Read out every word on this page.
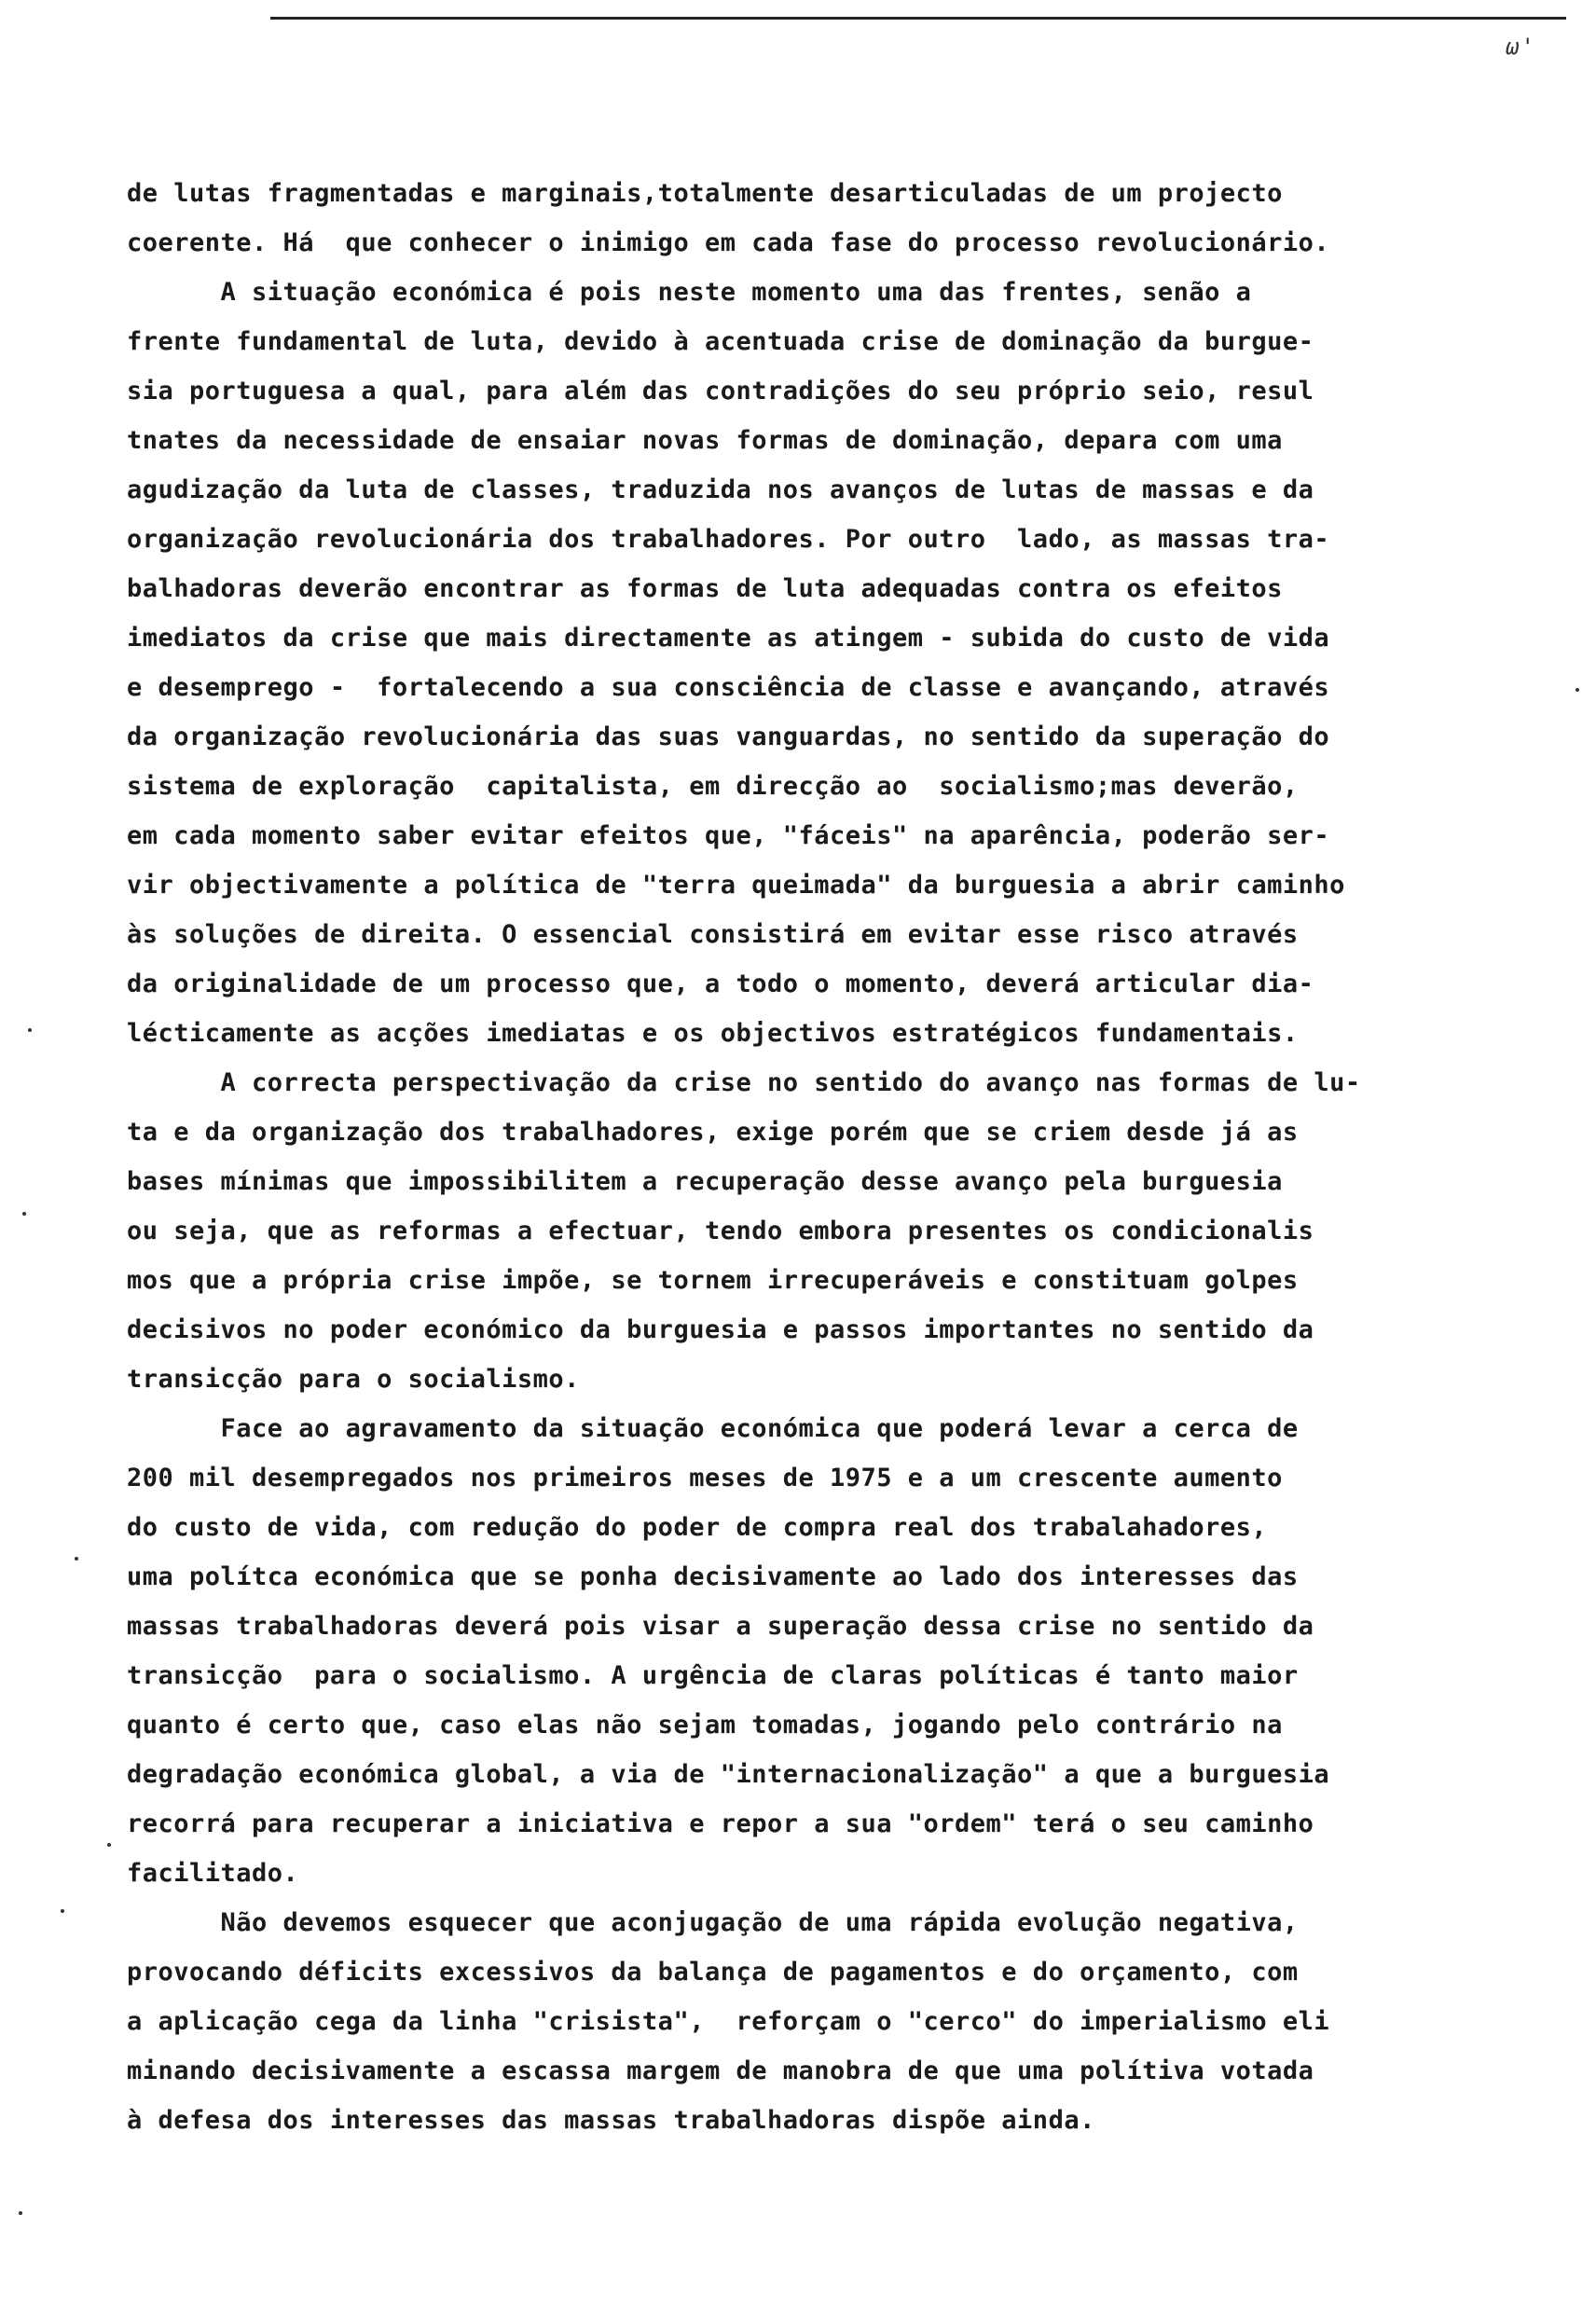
ω'
de lutas fragmentadas e marginais,totalmente desarticuladas de um projecto
coerente. Há  que conhecer o inimigo em cada fase do processo revolucionário.
A situação económica é pois neste momento uma das frentes, senão a
frente fundamental de luta, devido à acentuada crise de dominação da burgue-
sia portuguesa a qual, para além das contradições do seu próprio seio, resul
tnates da necessidade de ensaiar novas formas de dominação, depara com uma
agudização da luta de classes, traduzida nos avanços de lutas de massas e da
organização revolucionária dos trabalhadores. Por outro  lado, as massas tra-
balhadoras deverão encontrar as formas de luta adequadas contra os efeitos
imediatos da crise que mais directamente as atingem - subida do custo de vida
e desemprego -  fortalecendo a sua consciência de classe e avançando, através
da organização revolucionária das suas vanguardas, no sentido da superação do
sistema de exploração  capitalista, em direcção ao  socialismo;mas deverão,
em cada momento saber evitar efeitos que, "fáceis" na aparência, poderão ser-
vir objectivamente a política de "terra queimada" da burguesia a abrir caminho
às soluções de direita. O essencial consistirá em evitar esse risco através
da originalidade de um processo que, a todo o momento, deverá articular dia-
lécticamente as acções imediatas e os objectivos estratégicos fundamentais.
A correcta perspectivação da crise no sentido do avanço nas formas de lu-
ta e da organização dos trabalhadores, exige porém que se criem desde já as
bases mínimas que impossibilitem a recuperação desse avanço pela burguesia
ou seja, que as reformas a efectuar, tendo embora presentes os condicionalis
mos que a própria crise impõe, se tornem irrecuperáveis e constituam golpes
decisivos no poder económico da burguesia e passos importantes no sentido da
transicção para o socialismo.
Face ao agravamento da situação económica que poderá levar a cerca de
200 mil desempregados nos primeiros meses de 1975 e a um crescente aumento
do custo de vida, com redução do poder de compra real dos trabalahadores,
uma polítca económica que se ponha decisivamente ao lado dos interesses das
massas trabalhadoras deverá pois visar a superação dessa crise no sentido da
transicção  para o socialismo. A urgência de claras políticas é tanto maior
quanto é certo que, caso elas não sejam tomadas, jogando pelo contrário na
degradação económica global, a via de "internacionalização" a que a burguesia
recorrá para recuperar a iniciativa e repor a sua "ordem" terá o seu caminho
facilitado.
Não devemos esquecer que aconjugação de uma rápida evolução negativa,
provocando déficits excessivos da balança de pagamentos e do orçamento, com
a aplicação cega da linha "crisista",  reforçam o "cerco" do imperialismo eli
minando decisivamente a escassa margem de manobra de que uma polítiva votada
à defesa dos interesses das massas trabalhadoras dispõe ainda.
